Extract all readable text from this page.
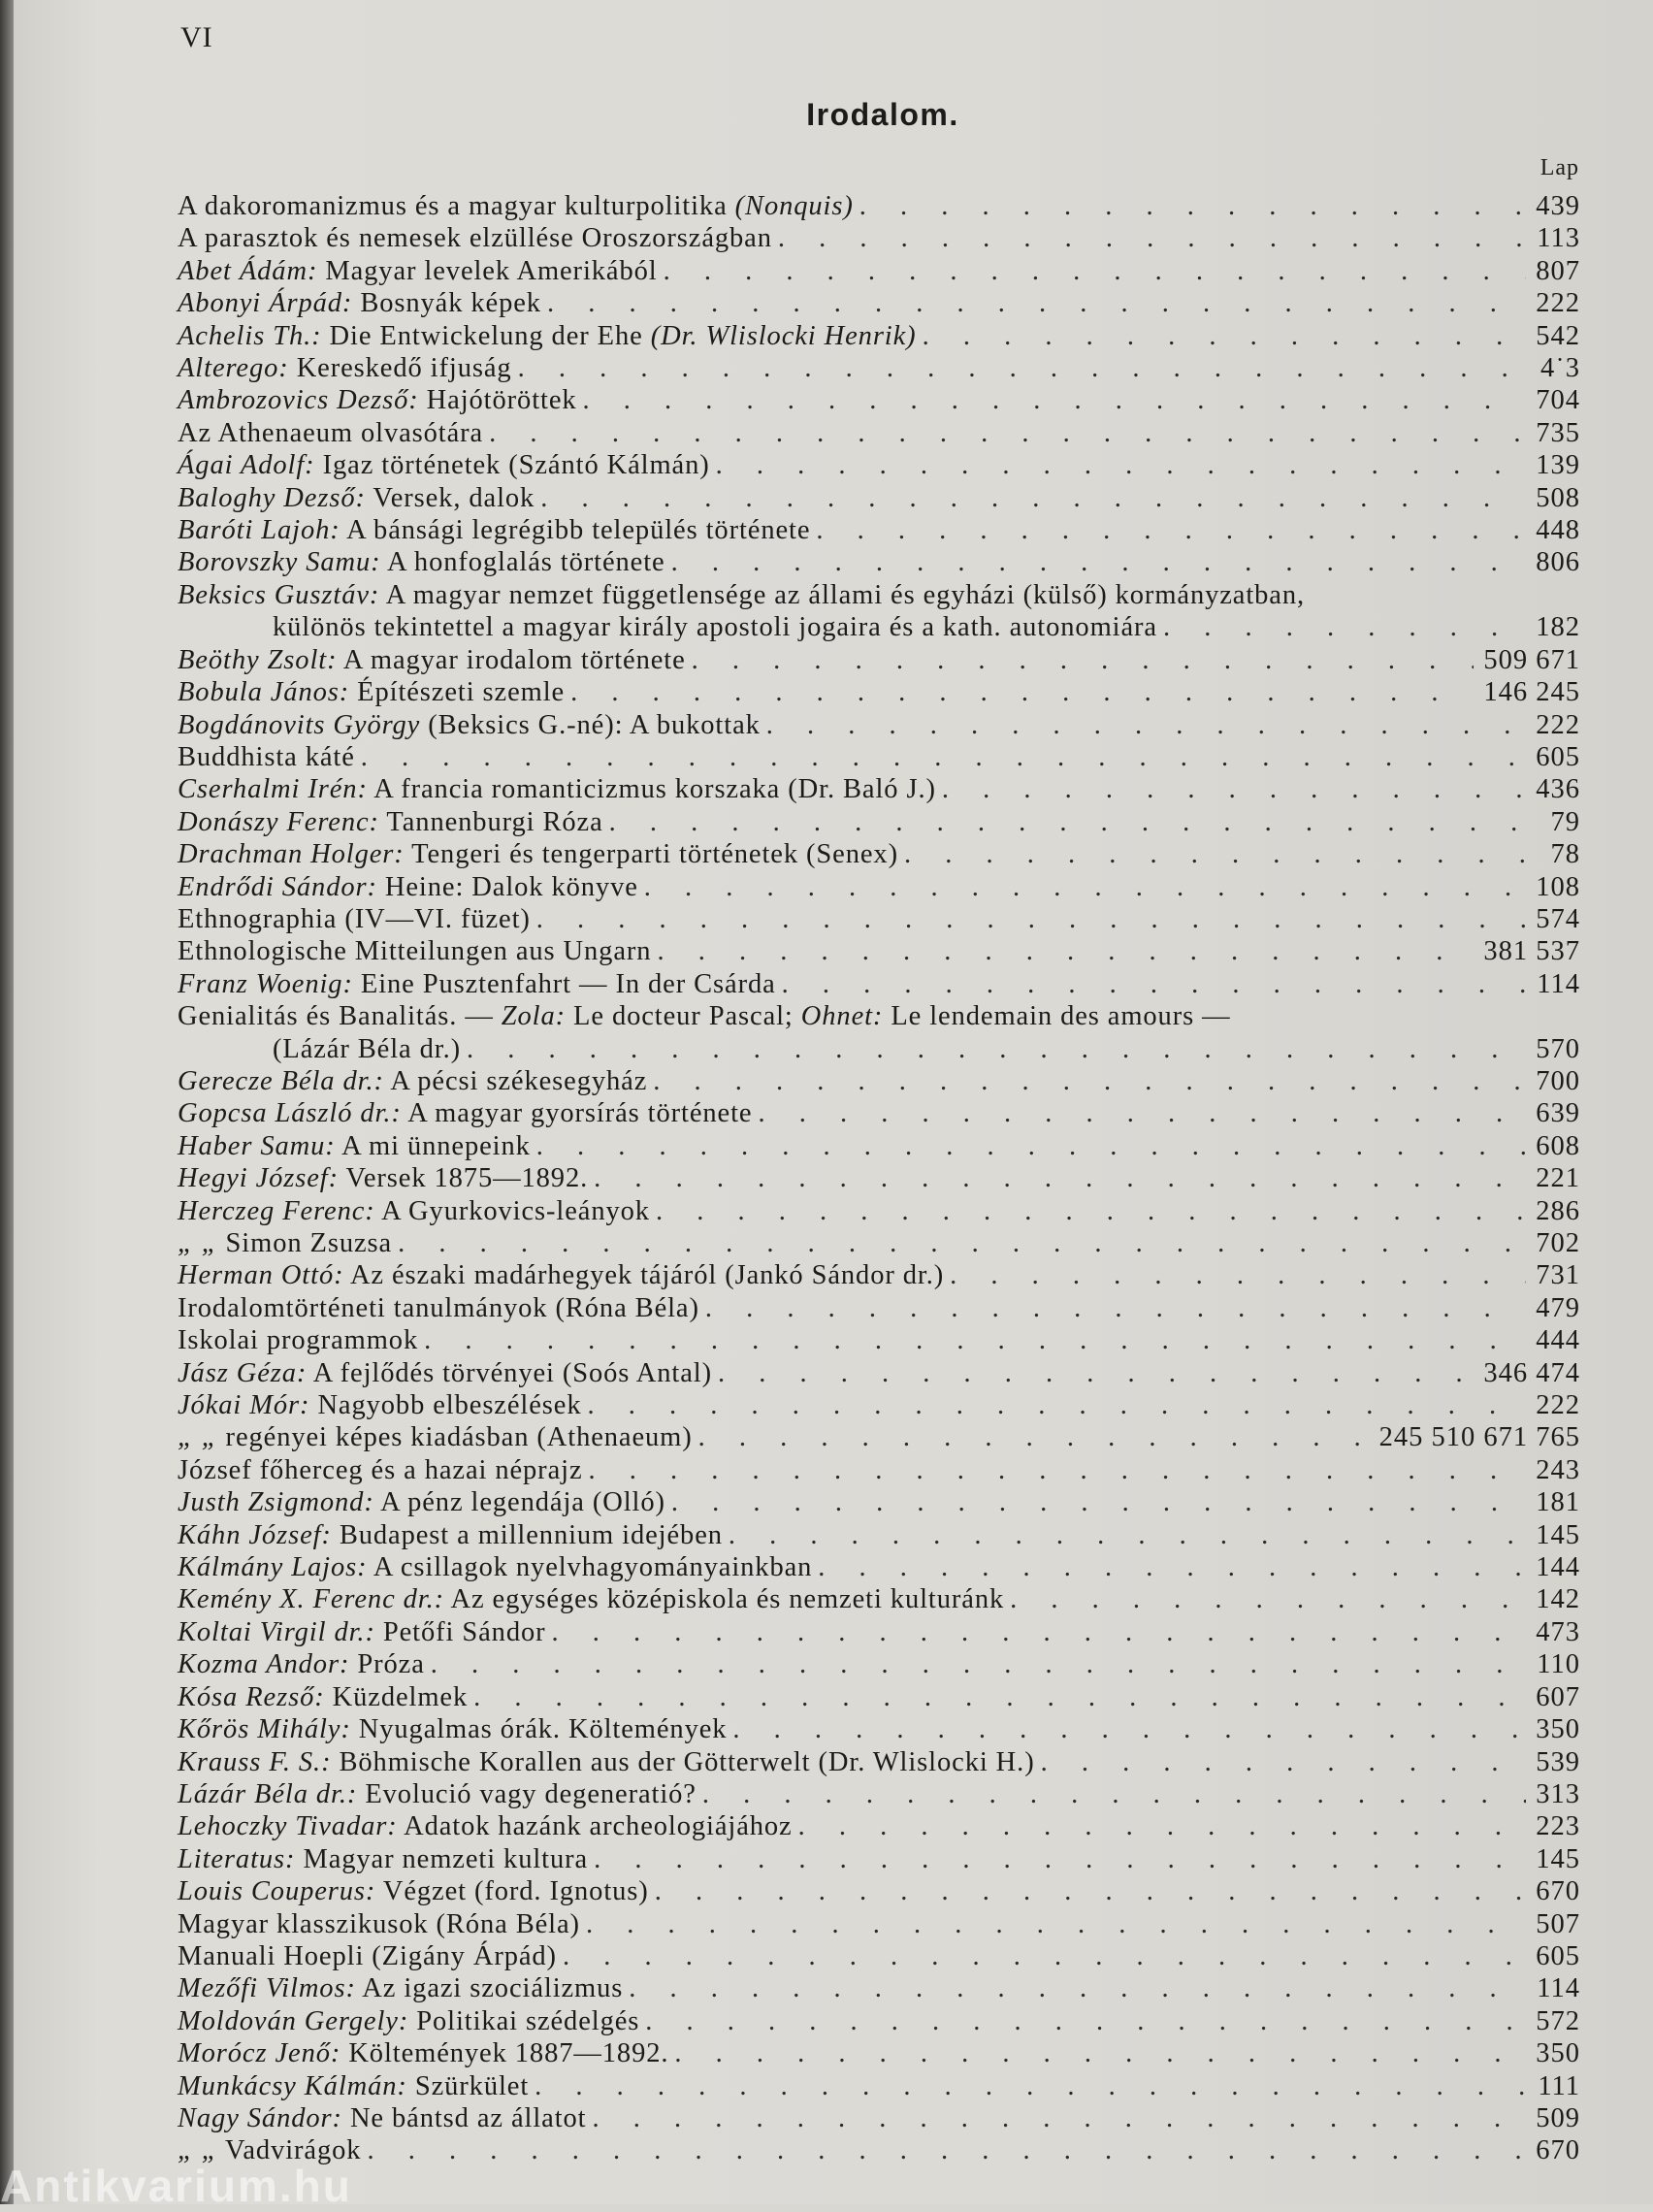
VI
Irodalom.
Lap
A dakoromanizmus és a magyar kulturpolitika (Nonquis) . . .	439
A parasztok és nemesek elzüllése Oroszországban . . .	113
Abet Ádám: Magyar levelek Amerikából . . .	807
Abonyi Árpád: Bosnyák képek . . .	222
Achelis Th.: Die Entwickelung der Ehe (Dr. Wlislocki Henrik) . . .	542
Alterego: Kereskedő ifjuság . . .	4˙3
Ambrozovics Dezső: Hajótöröttek . . .	704
Az Athenaeum olvasótára . . .	735
Ágai Adolf: Igaz történetek (Szántó Kálmán) . . .	139
Baloghy Dezső: Versek, dalok . . .	508
Baróti Lajoh: A bánsági legrégibb település története . . .	448
Borovszky Samu: A honfoglalás története . . .	806
Beksics Gusztáv: A magyar nemzet függetlensége az állami és egyházi (külső) kormányzatban,
különös tekintettel a magyar király apostoli jogaira és a kath. autonomiára . . .	182
Beöthy Zsolt: A magyar irodalom története . . .	509 671
Bobula János: Építészeti szemle . . .	146 245
Bogdánovits György (Beksics G.-né): A bukottak . . .	222
Buddhista káté . . .	605
Cserhalmi Irén: A francia romanticizmus korszaka (Dr. Baló J.) . . .	436
Donászy Ferenc: Tannenburgi Róza . . .	79
Drachman Holger: Tengeri és tengerparti történetek (Senex) . . .	78
Endrődi Sándor: Heine: Dalok könyve . . .	108
Ethnographia (IV—VI. füzet) . . .	574
Ethnologische Mitteilungen aus Ungarn . . .	381 537
Franz Woenig: Eine Pusztenfahrt — In der Csárda . . .	114
Genialitás és Banalitás. — Zola: Le docteur Pascal; Ohnet: Le lendemain des amours —
(Lázár Béla dr.) . . .	570
Gerecze Béla dr.: A pécsi székesegyház . . .	700
Gopcsa László dr.: A magyar gyorsírás története . . .	639
Haber Samu: A mi ünnepeink . . .	608
Hegyi József: Versek 1875—1892. . . .	221
Herczeg Ferenc: A Gyurkovics-leányok . . .	286
„ „ Simon Zsuzsa . . .	702
Herman Ottó: Az északi madárhegyek tájáról (Jankó Sándor dr.) . . .	731
Irodalomtörténeti tanulmányok (Róna Béla) . . .	479
Iskolai programmok . . .	444
Jász Géza: A fejlődés törvényei (Soós Antal) . . .	346 474
Jókai Mór: Nagyobb elbeszélések . . .	222
„ „ regényei képes kiadásban (Athenaeum) . . .	245 510 671 765
József főherceg és a hazai néprajz . . .	243
Justh Zsigmond: A pénz legendája (Olló) . . .	181
Káhn József: Budapest a millennium idejében . . .	145
Kálmány Lajos: A csillagok nyelvhagyományainkban . . .	144
Kemény X. Ferenc dr.: Az egységes középiskola és nemzeti kulturánk . . .	142
Koltai Virgil dr.: Petőfi Sándor . . .	473
Kozma Andor: Próza . . .	110
Kósa Rezső: Küzdelmek . . .	607
Kőrös Mihály: Nyugalmas órák. Költemények . . .	350
Krauss F. S.: Böhmische Korallen aus der Götterwelt (Dr. Wlislocki H.) . . .	539
Lázár Béla dr.: Evolució vagy degeneratió? . . .	313
Lehoczky Tivadar: Adatok hazánk archeologiájához . . .	223
Literatus: Magyar nemzeti kultura . . .	145
Louis Couperus: Végzet (ford. Ignotus) . . .	670
Magyar klasszikusok (Róna Béla) . . .	507
Manuali Hoepli (Zigány Árpád) . . .	605
Mezőfi Vilmos: Az igazi szociálizmus . . .	114
Moldován Gergely: Politikai szédelgés . . .	572
Morócz Jenő: Költemények 1887—1892. . . .	350
Munkácsy Kálmán: Szürkület . . .	111
Nagy Sándor: Ne bántsd az állatot . . .	509
„ „ Vadvirágok . . .	670
Antikvarium.hu
